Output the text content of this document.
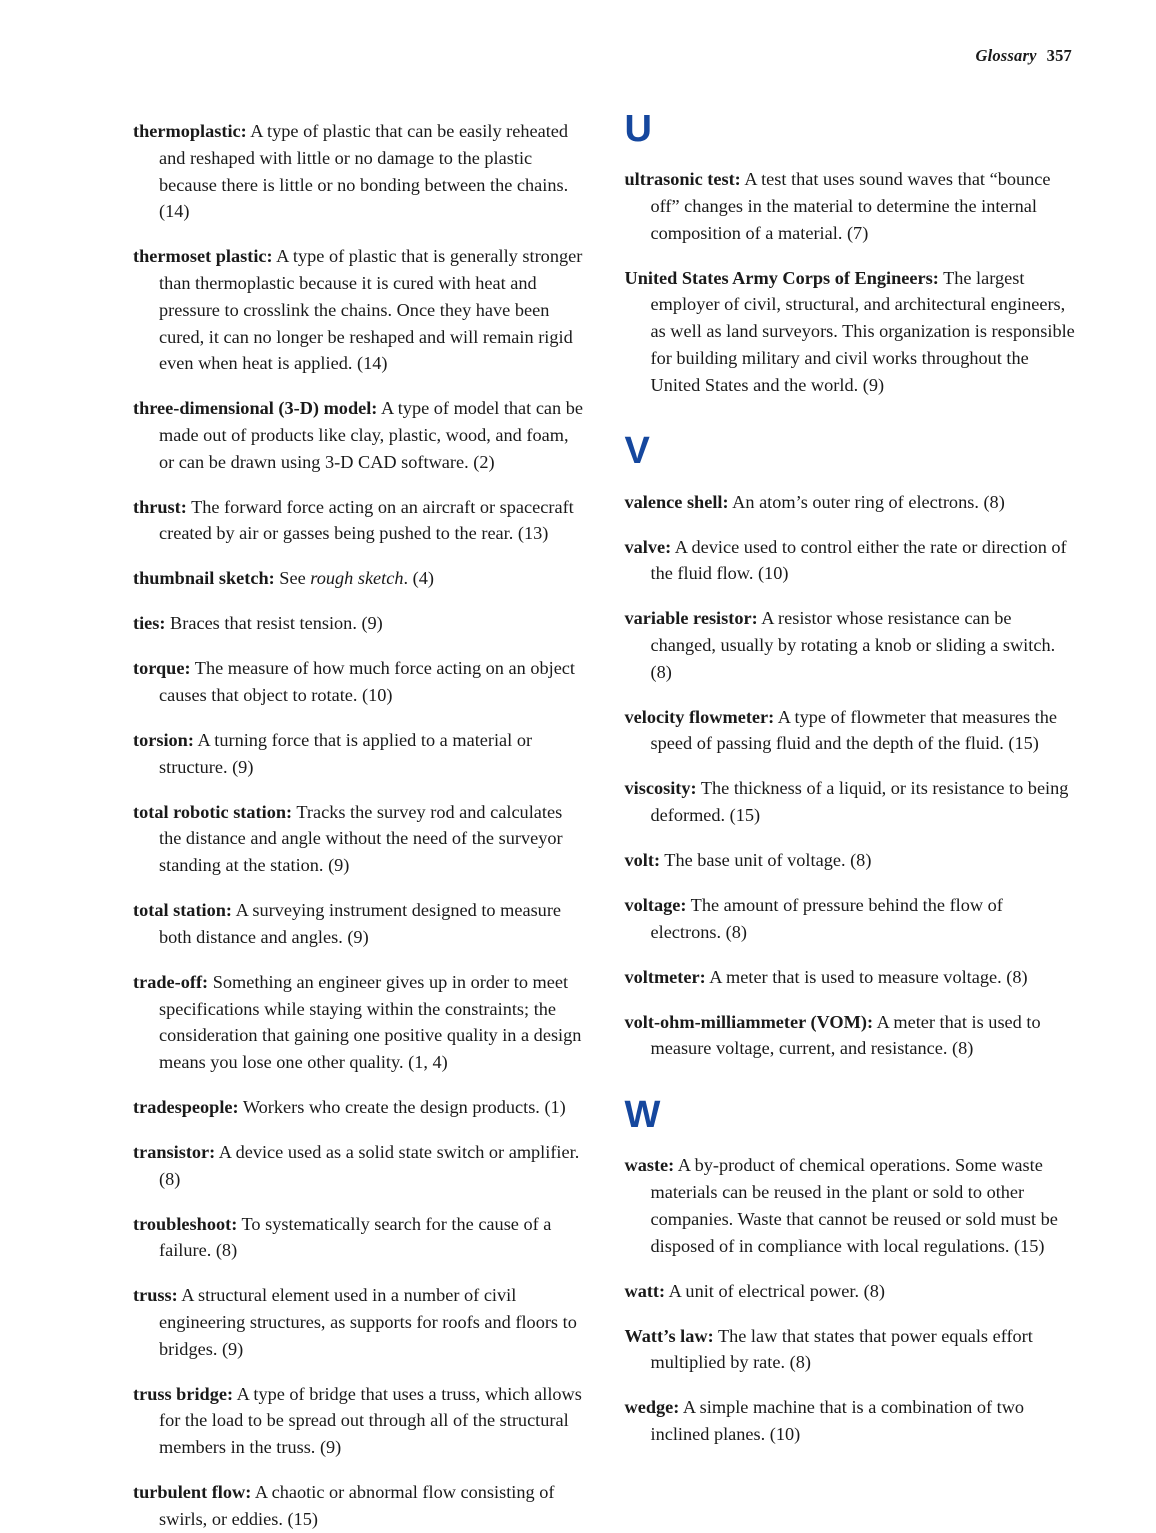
Glossary 357

thermoplastic: A type of plastic that can be easily reheated and reshaped with little or no damage to the plastic because there is little or no bonding between the chains. (14)

thermoset plastic: A type of plastic that is generally stronger than thermoplastic because it is cured with heat and pressure to crosslink the chains. Once they have been cured, it can no longer be reshaped and will remain rigid even when heat is applied. (14)

three-dimensional (3-D) model: A type of model that can be made out of products like clay, plastic, wood, and foam, or can be drawn using 3-D CAD software. (2)

thrust: The forward force acting on an aircraft or spacecraft created by air or gasses being pushed to the rear. (13)

thumbnail sketch: See rough sketch. (4)

ties: Braces that resist tension. (9)

torque: The measure of how much force acting on an object causes that object to rotate. (10)

torsion: A turning force that is applied to a material or structure. (9)

total robotic station: Tracks the survey rod and calculates the distance and angle without the need of the surveyor standing at the station. (9)

total station: A surveying instrument designed to measure both distance and angles. (9)

trade-off: Something an engineer gives up in order to meet specifications while staying within the constraints; the consideration that gaining one positive quality in a design means you lose one other quality. (1, 4)

tradespeople: Workers who create the design products. (1)

transistor: A device used as a solid state switch or amplifier. (8)

troubleshoot: To systematically search for the cause of a failure. (8)

truss: A structural element used in a number of civil engineering structures, as supports for roofs and floors to bridges. (9)

truss bridge: A type of bridge that uses a truss, which allows for the load to be spread out through all of the structural members in the truss. (9)

turbulent flow: A chaotic or abnormal flow consisting of swirls, or eddies. (15)

U

ultrasonic test: A test that uses sound waves that “bounce off” changes in the material to determine the internal composition of a material. (7)

United States Army Corps of Engineers: The largest employer of civil, structural, and architectural engineers, as well as land surveyors. This organization is responsible for building military and civil works throughout the United States and the world. (9)

V

valence shell: An atom’s outer ring of electrons. (8)

valve: A device used to control either the rate or direction of the fluid flow. (10)

variable resistor: A resistor whose resistance can be changed, usually by rotating a knob or sliding a switch. (8)

velocity flowmeter: A type of flowmeter that measures the speed of passing fluid and the depth of the fluid. (15)

viscosity: The thickness of a liquid, or its resistance to being deformed. (15)

volt: The base unit of voltage. (8)

voltage: The amount of pressure behind the flow of electrons. (8)

voltmeter: A meter that is used to measure voltage. (8)

volt-ohm-milliammeter (VOM): A meter that is used to measure voltage, current, and resistance. (8)

W

waste: A by-product of chemical operations. Some waste materials can be reused in the plant or sold to other companies. Waste that cannot be reused or sold must be disposed of in compliance with local regulations. (15)

watt: A unit of electrical power. (8)

Watt’s law: The law that states that power equals effort multiplied by rate. (8)

wedge: A simple machine that is a combination of two inclined planes. (10)
